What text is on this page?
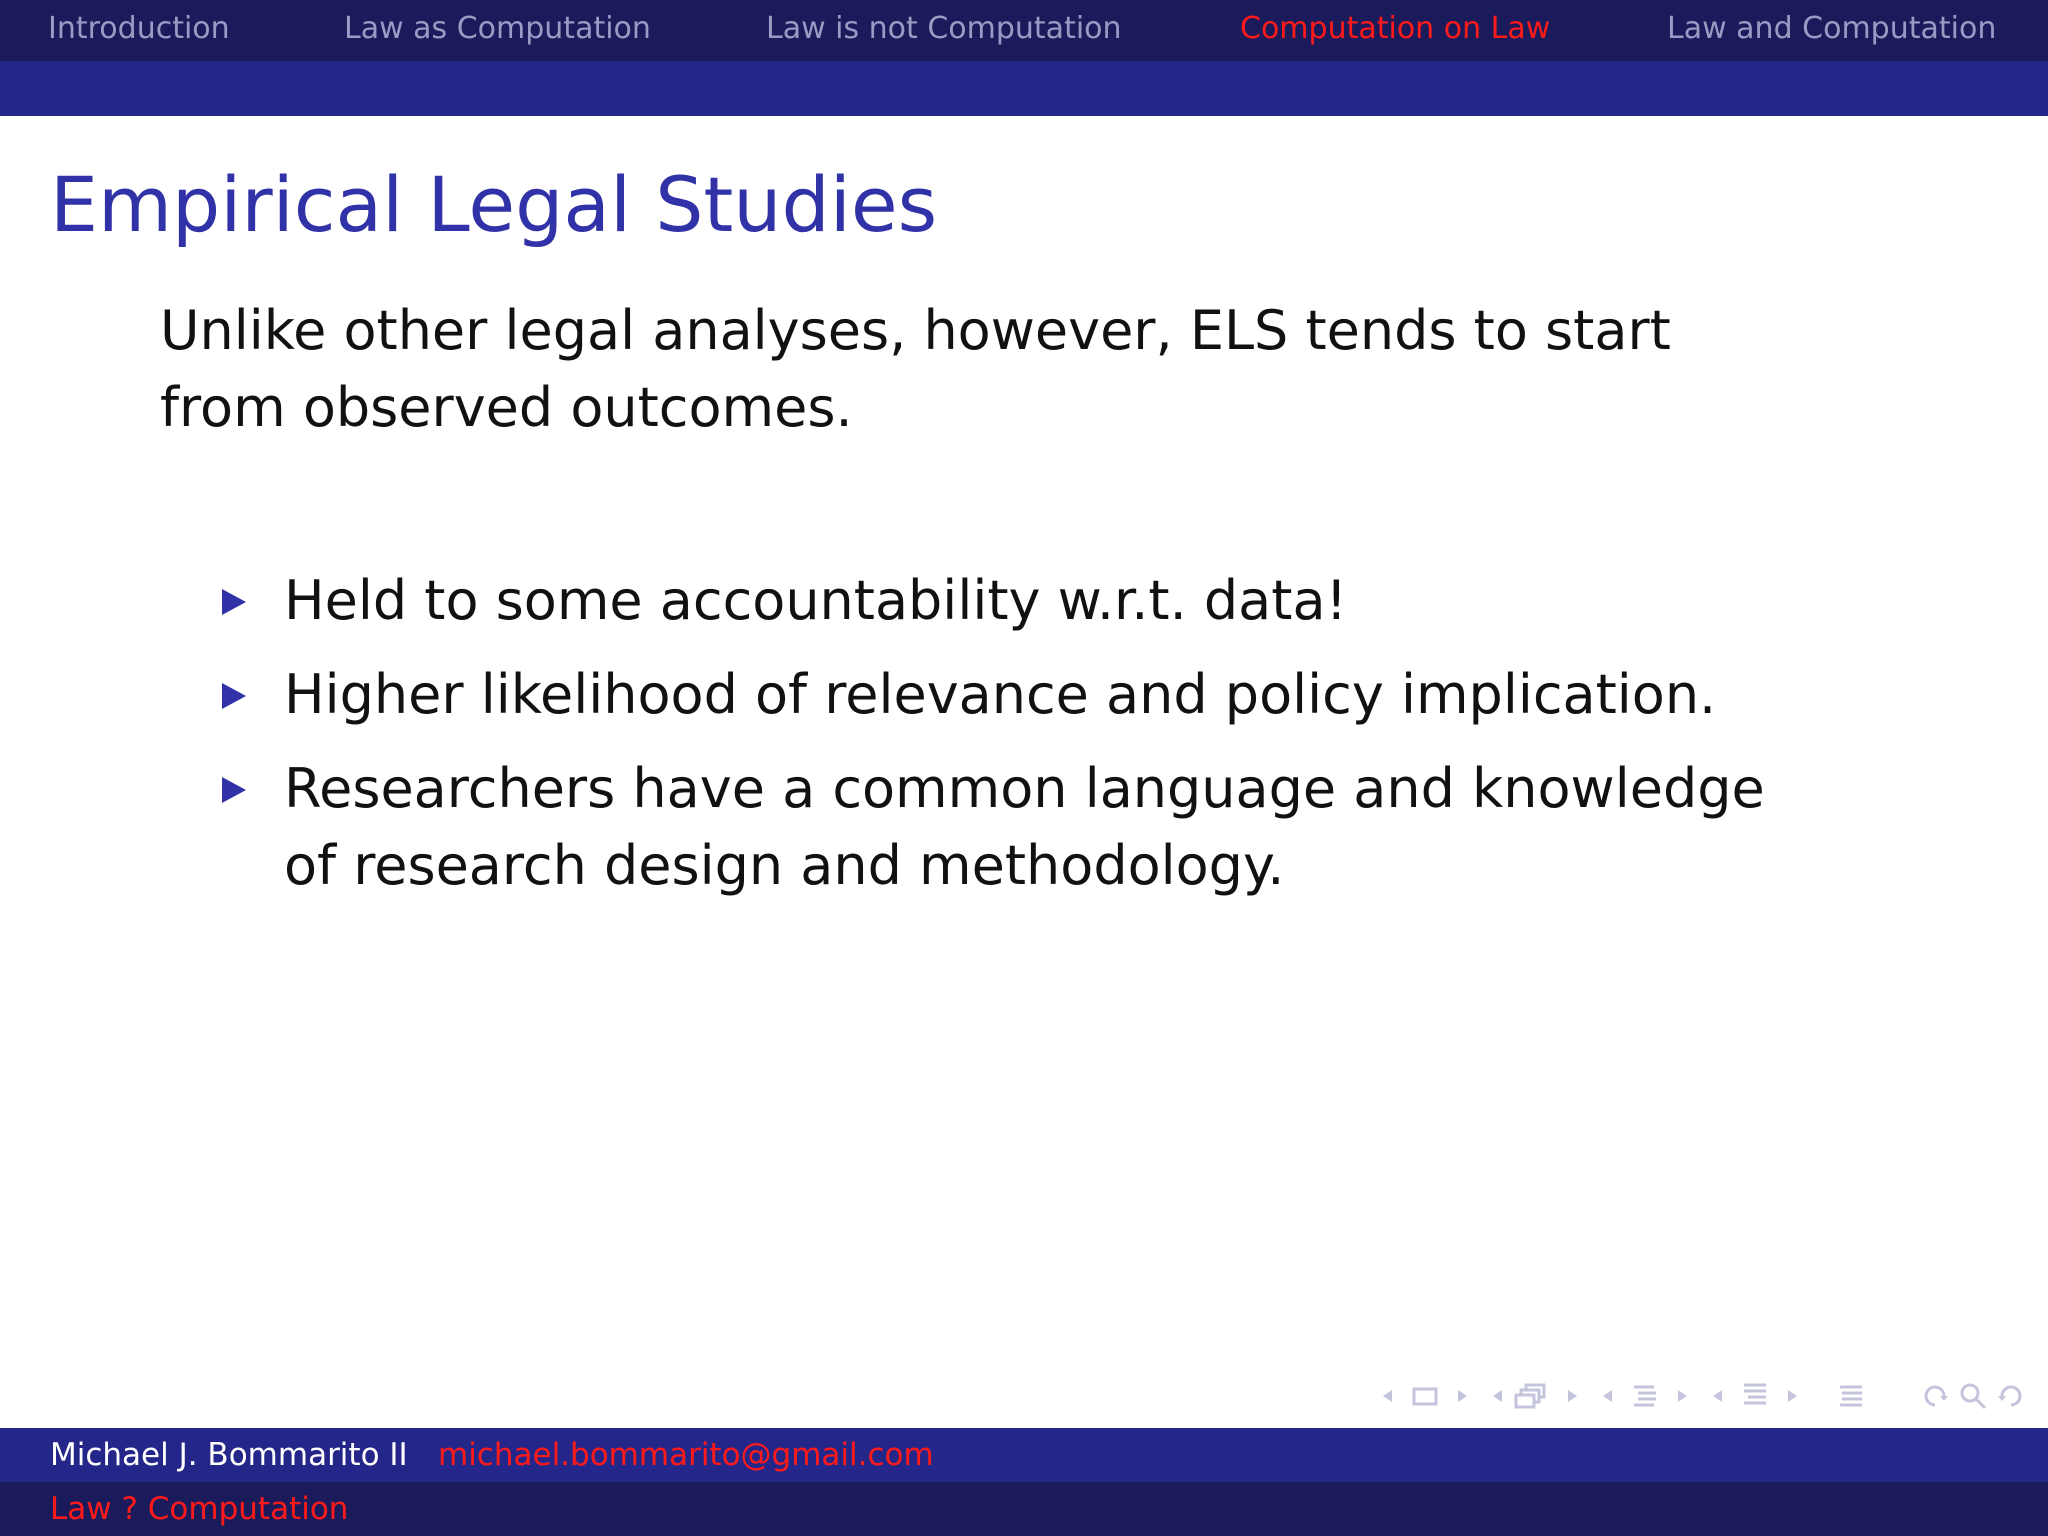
Introduction	Law as Computation	Law is not Computation	Computation on Law	Law and Computation
Empirical Legal Studies

Unlike other legal analyses, however, ELS tends to start from observed outcomes.

Held to some accountability w.r.t. data!
Higher likelihood of relevance and policy implication.
Researchers have a common language and knowledge of research design and methodology.
Michael J. Bommarito II michael.bommarito@gmail.com
Law ? Computation
